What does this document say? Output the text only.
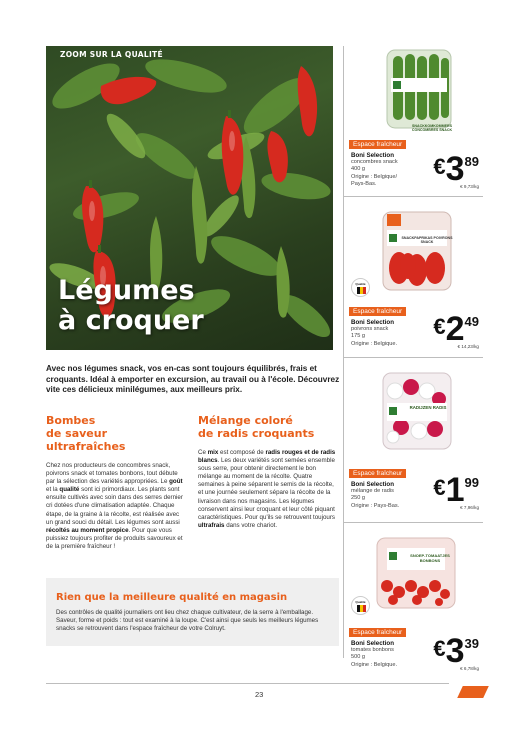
ZOOM SUR LA QUALITÉ
Légumes
à croquer
Avec nos légumes snack, vos en-cas sont toujours équilibrés, frais et croquants. Idéal à emporter en excursion, au travail ou à l'école. Découvrez vite ces délicieux minilégumes, aux meilleurs prix.
Bombes
de saveur ultrafraîches

Chez nos producteurs de concombres snack, poivrons snack et tomates bonbons, tout débute par la sélection des variétés appropriées. Le goût et la qualité sont ici primordiaux. Les plants sont ensuite cultivés avec soin dans des serres dernier cri dotées d'une climatisation adaptée. Chaque étape, de la graine à la récolte, est réalisée avec un grand souci du détail. Les légumes sont aussi récoltés au moment propice. Pour que vous puissiez toujours profiter de produits savoureux et de la première fraîcheur !

Mélange coloré
de radis croquants

Ce mix est composé de radis rouges et de radis blancs. Les deux variétés sont semées ensemble sous serre, pour obtenir directement le bon mélange au moment de la récolte. Quatre semaines à peine séparent le semis de la récolte, et une journée seulement sépare la récolte de la livraison dans nos magasins. Les légumes conservent ainsi leur croquant et leur côté piquant caractéristiques. Pour qu'ils se retrouvent toujours ultrafrais dans votre chariot.

Rien que la meilleure qualité en magasin

Des contrôles de qualité journaliers ont lieu chez chaque cultivateur, de la serre à l'emballage. Saveur, forme et poids : tout est examiné à la loupe. C'est ainsi que seuls les meilleurs légumes snacks se retrouvent dans l'espace fraîcheur de votre Colruyt.

SNACKKOMKOMMERS CONCOMBRES SNACK
Espace fraîcheur
Boni Selection
concombres snack
400 g
Origine : Belgique/
Pays-Bas.
€389
€ 9,73/kg
SNACKPAPRIKAS POIVRONS SNACK
Qualité
Espace fraîcheur
Boni Selection
poivrons snack
175 g
Origine : Belgique.
€249
€ 14,23/kg
RADIJZEN RADIS
Espace fraîcheur
Boni Selection
mélange de radis
250 g
Origine : Pays-Bas.
€199
€ 7,96/kg
SNOEP-TOMAATJES BONBONS
Qualité
Espace fraîcheur
Boni Selection
tomates bonbons
500 g
Origine : Belgique.
€339
€ 6,78/kg
23
